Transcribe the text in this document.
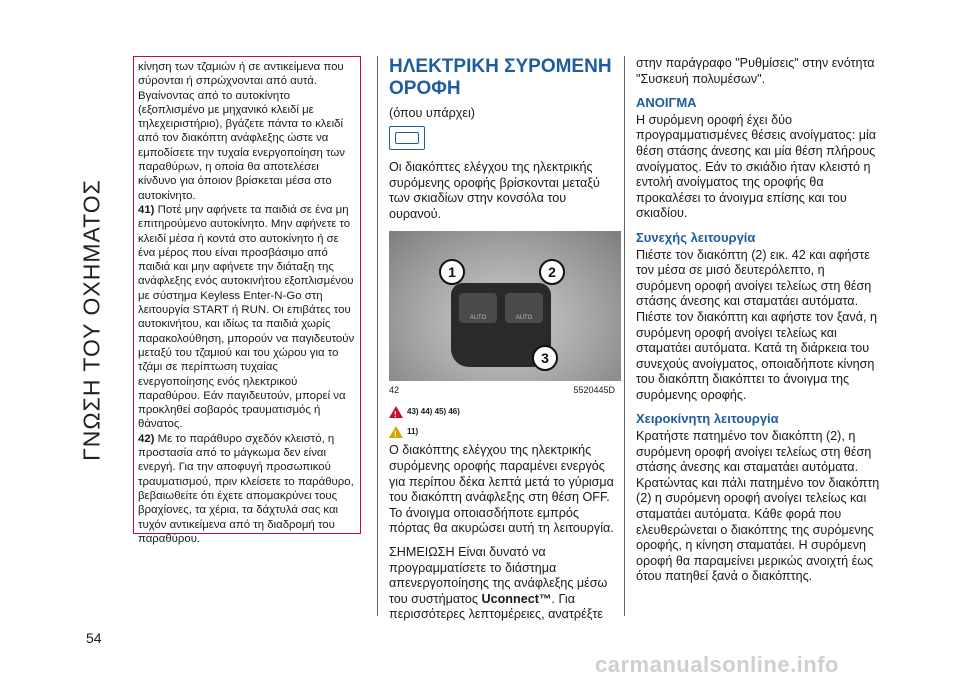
ΓΝΩΣΗ ΤΟΥ ΟΧΗΜΑΤΟΣ

κίνηση των τζαμιών ή σε αντικείμενα που σύρονται ή σπρώχνονται από αυτά. Βγαίνοντας από το αυτοκίνητο (εξοπλισμένο με μηχανικό κλειδί με τηλεχειριστήριο), βγάζετε πάντα το κλειδί από τον διακόπτη ανάφλεξης ώστε να εμποδίσετε την τυχαία ενεργοποίηση των παραθύρων, η οποία θα αποτελέσει κίνδυνο για όποιον βρίσκεται μέσα στο αυτοκίνητο.

41) Ποτέ μην αφήνετε τα παιδιά σε ένα μη επιτηρούμενο αυτοκίνητο. Μην αφήνετε το κλειδί μέσα ή κοντά στο αυτοκίνητο ή σε ένα μέρος που είναι προσβάσιμο από παιδιά και μην αφήνετε την διάταξη της ανάφλεξης ενός αυτοκινήτου εξοπλισμένου με σύστημα Keyless Enter-N-Go στη λειτουργία START ή RUN. Οι επιβάτες του αυτοκινήτου, και ιδίως τα παιδιά χωρίς παρακολούθηση, μπορούν να παγιδευτούν μεταξύ του τζαμιού και του χώρου για το τζάμι σε περίπτωση τυχαίας ενεργοποίησης ενός ηλεκτρικού παραθύρου. Εάν παγιδευτούν, μπορεί να προκληθεί σοβαρός τραυματισμός ή θάνατος.

42) Με το παράθυρο σχεδόν κλειστό, η προστασία από το μάγκωμα δεν είναι ενεργή. Για την αποφυγή προσωπικού τραυματισμού, πριν κλείσετε το παράθυρο, βεβαιωθείτε ότι έχετε απομακρύνει τους βραχίονες, τα χέρια, τα δάχτυλά σας και τυχόν αντικείμενα από τη διαδρομή του παραθύρου.

54
ΗΛΕΚΤΡΙΚΗ ΣΥΡΟΜΕΝΗ ΟΡΟΦΗ
(όπου υπάρχει)

Οι διακόπτες ελέγχου της ηλεκτρικής συρόμενης οροφής βρίσκονται μεταξύ των σκιαδίων στην κονσόλα του ουρανού.

AUTO	AUTO
1	2
3
42	5520445D
!
43) 44) 45) 46)
!
11)

Ο διακόπτης ελέγχου της ηλεκτρικής συρόμενης οροφής παραμένει ενεργός για περίπου δέκα λεπτά μετά το γύρισμα του διακόπτη ανάφλεξης στη θέση OFF. Το άνοιγμα οποιασδήποτε εμπρός πόρτας θα ακυρώσει αυτή τη λειτουργία.

ΣΗΜΕΙΩΣΗ Είναι δυνατό να προγραμματίσετε το διάστημα απενεργοποίησης της ανάφλεξης μέσω του συστήματος Uconnect™. Για περισσότερες λεπτομέρειες, ανατρέξτε

στην παράγραφο "Ρυθμίσεις" στην ενότητα "Συσκευή πολυμέσων".

ΑΝΟΙΓΜΑ

Η συρόμενη οροφή έχει δύο προγραμματισμένες θέσεις ανοίγματος: μία θέση στάσης άνεσης και μία θέση πλήρους ανοίγματος. Εάν το σκιάδιο ήταν κλειστό η εντολή ανοίγματος της οροφής θα προκαλέσει το άνοιγμα επίσης και του σκιαδίου.

Συνεχής λειτουργία

Πιέστε τον διακόπτη (2) εικ. 42 και αφήστε τον μέσα σε μισό δευτερόλεπτο, η συρόμενη οροφή ανοίγει τελείως στη θέση στάσης άνεσης και σταματάει αυτόματα. Πιέστε τον διακόπτη και αφήστε τον ξανά, η συρόμενη οροφή ανοίγει τελείως και σταματάει αυτόματα. Κατά τη διάρκεια του συνεχούς ανοίγματος, οποιαδήποτε κίνηση του διακόπτη διακόπτει το άνοιγμα της συρόμενης οροφής.

Χειροκίνητη λειτουργία

Κρατήστε πατημένο τον διακόπτη (2), η συρόμενη οροφή ανοίγει τελείως στη θέση στάσης άνεσης και σταματάει αυτόματα. Κρατώντας και πάλι πατημένο τον διακόπτη (2) η συρόμενη οροφή ανοίγει τελείως και σταματάει αυτόματα. Κάθε φορά που ελευθερώνεται ο διακόπτης της συρόμενης οροφής, η κίνηση σταματάει. Η συρόμενη οροφή θα παραμείνει μερικώς ανοιχτή έως ότου πατηθεί ξανά ο διακόπτης.

carmanualsonline.info
